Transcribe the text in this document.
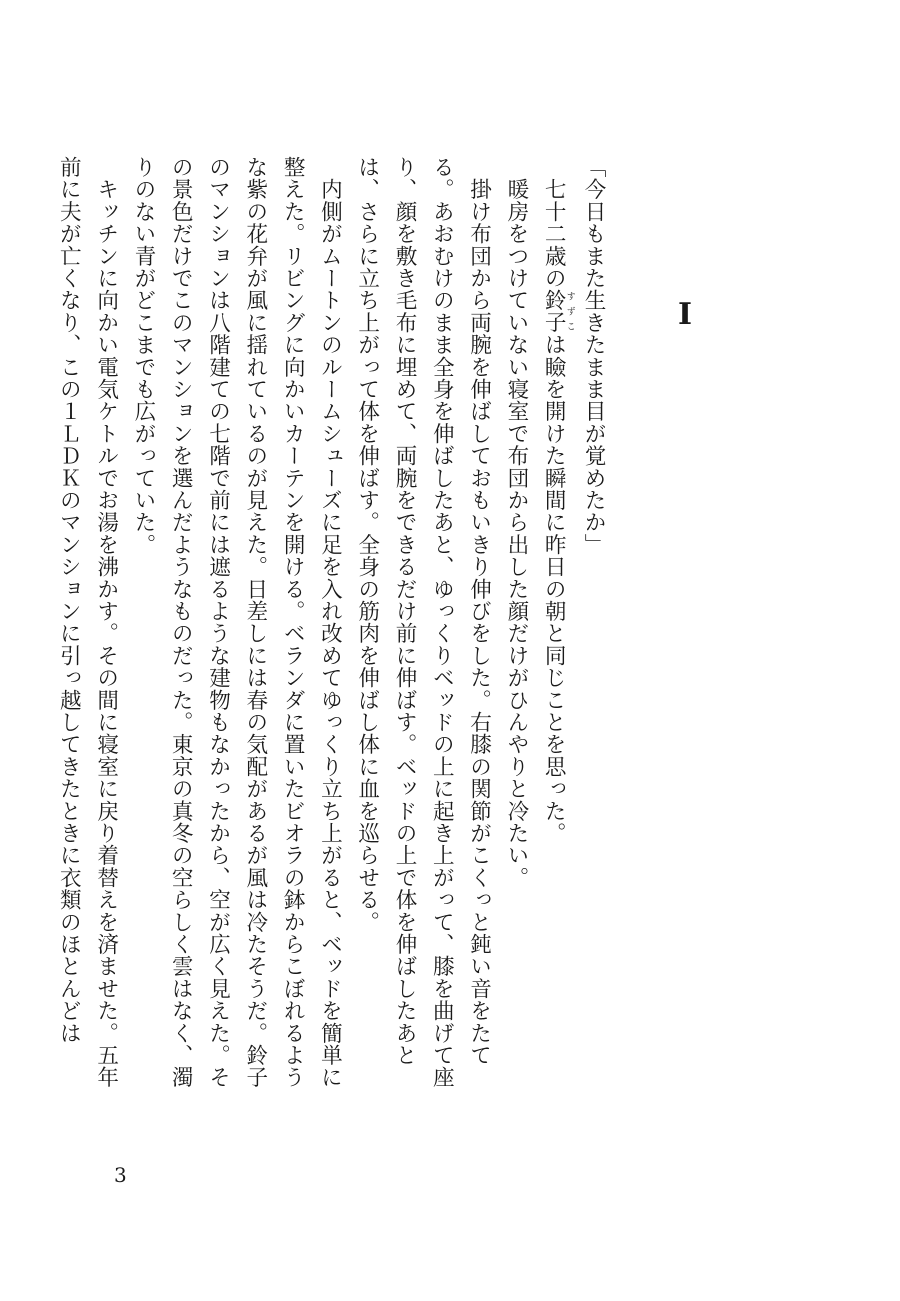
I

「今日もまた生きたまま目が覚めたか」

　七十二歳の鈴子すずこは瞼を開けた瞬間に昨日の朝と同じことを思った。

　暖房をつけていない寝室で布団から出した顔だけがひんやりと冷たい。

　掛け布団から両腕を伸ばしておもいきり伸びをした。右膝の関節がこくっと鈍い音をたてる。あおむけのまま全身を伸ばしたあと、ゆっくりベッドの上に起き上がって、膝を曲げて座り、顔を敷き毛布に埋めて、両腕をできるだけ前に伸ばす。ベッドの上で体を伸ばしたあとは、さらに立ち上がって体を伸ばす。全身の筋肉を伸ばし体に血を巡らせる。

　内側がムートンのルームシューズに足を入れ改めてゆっくり立ち上がると、ベッドを簡単に整えた。リビングに向かいカーテンを開ける。ベランダに置いたビオラの鉢からこぼれるような紫の花弁が風に揺れているのが見えた。日差しには春の気配があるが風は冷たそうだ。鈴子のマンションは八階建ての七階で前には遮るような建物もなかったから、空が広く見えた。その景色だけでこのマンションを選んだようなものだった。東京の真冬の空らしく雲はなく、濁りのない青がどこまでも広がっていた。

　キッチンに向かい電気ケトルでお湯を沸かす。その間に寝室に戻り着替えを済ませた。五年前に夫が亡くなり、この１ＬＤＫのマンションに引っ越してきたときに衣類のほとんどは

3
